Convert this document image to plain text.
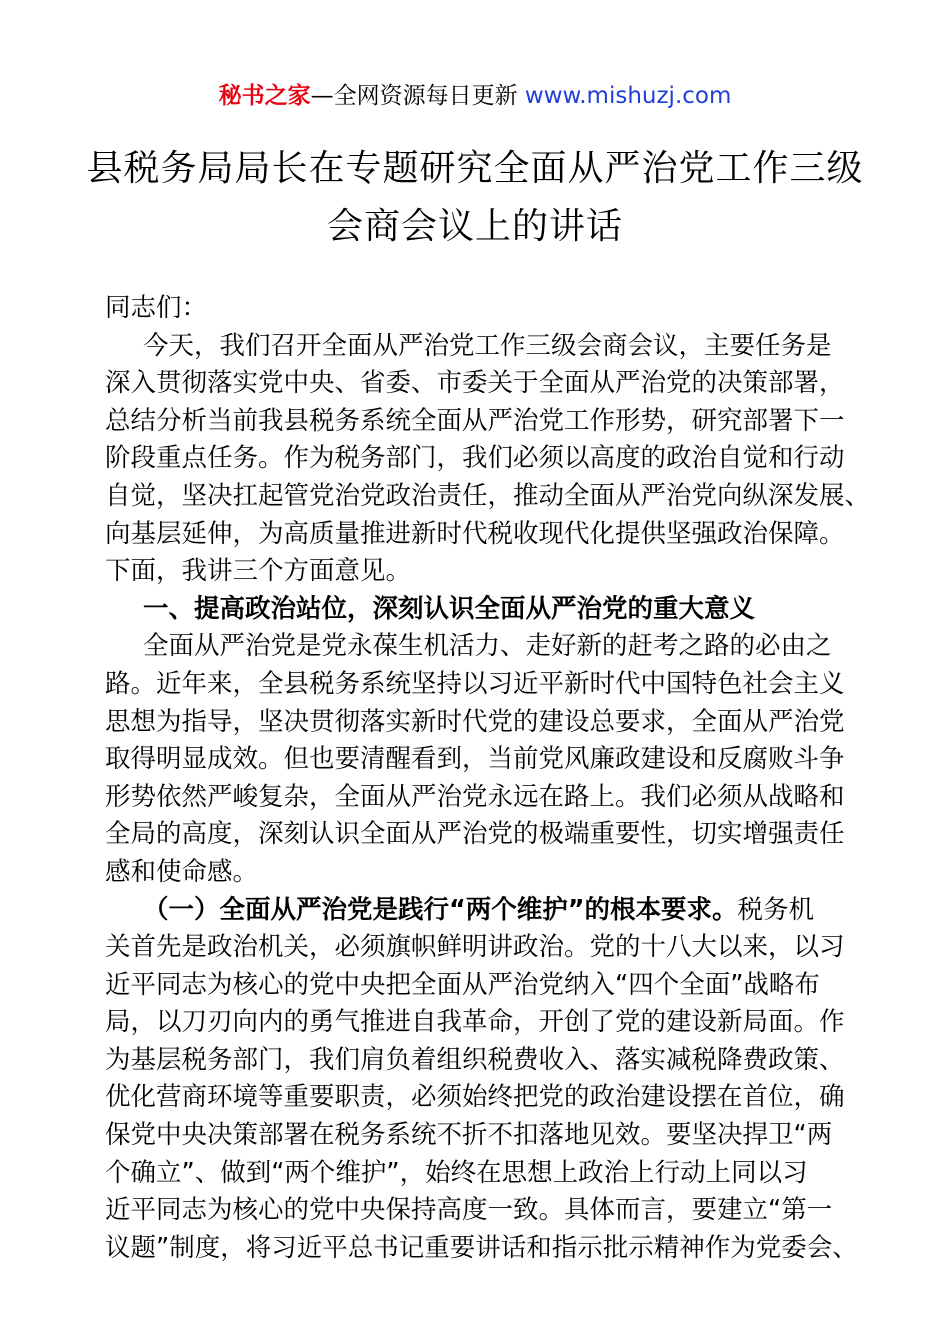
秘书之家—全网资源每日更新 www.mishuzj.com
县税务局局长在专题研究全面从严治党工作三级
会商会议上的讲话
同志们：

今天，我们召开全面从严治党工作三级会商会议，主要任务是
深入贯彻落实党中央、省委、市委关于全面从严治党的决策部署，
总结分析当前我县税务系统全面从严治党工作形势，研究部署下一
阶段重点任务。作为税务部门，我们必须以高度的政治自觉和行动
自觉，坚决扛起管党治党政治责任，推动全面从严治党向纵深发展、
向基层延伸，为高质量推进新时代税收现代化提供坚强政治保障。
下面，我讲三个方面意见。

一、提高政治站位，深刻认识全面从严治党的重大意义

全面从严治党是党永葆生机活力、走好新的赶考之路的必由之
路。近年来，全县税务系统坚持以习近平新时代中国特色社会主义
思想为指导，坚决贯彻落实新时代党的建设总要求，全面从严治党
取得明显成效。但也要清醒看到，当前党风廉政建设和反腐败斗争
形势依然严峻复杂，全面从严治党永远在路上。我们必须从战略和
全局的高度，深刻认识全面从严治党的极端重要性，切实增强责任
感和使命感。

（一）全面从严治党是践行“两个维护”的根本要求。税务机
关首先是政治机关，必须旗帜鲜明讲政治。党的十八大以来，以习
近平同志为核心的党中央把全面从严治党纳入“四个全面”战略布
局，以刀刃向内的勇气推进自我革命，开创了党的建设新局面。作
为基层税务部门，我们肩负着组织税费收入、落实减税降费政策、
优化营商环境等重要职责，必须始终把党的政治建设摆在首位，确
保党中央决策部署在税务系统不折不扣落地见效。要坚决捍卫“两
个确立”、做到“两个维护”，始终在思想上政治上行动上同以习
近平同志为核心的党中央保持高度一致。具体而言，要建立“第一
议题”制度，将习近平总书记重要讲话和指示批示精神作为党委会、
